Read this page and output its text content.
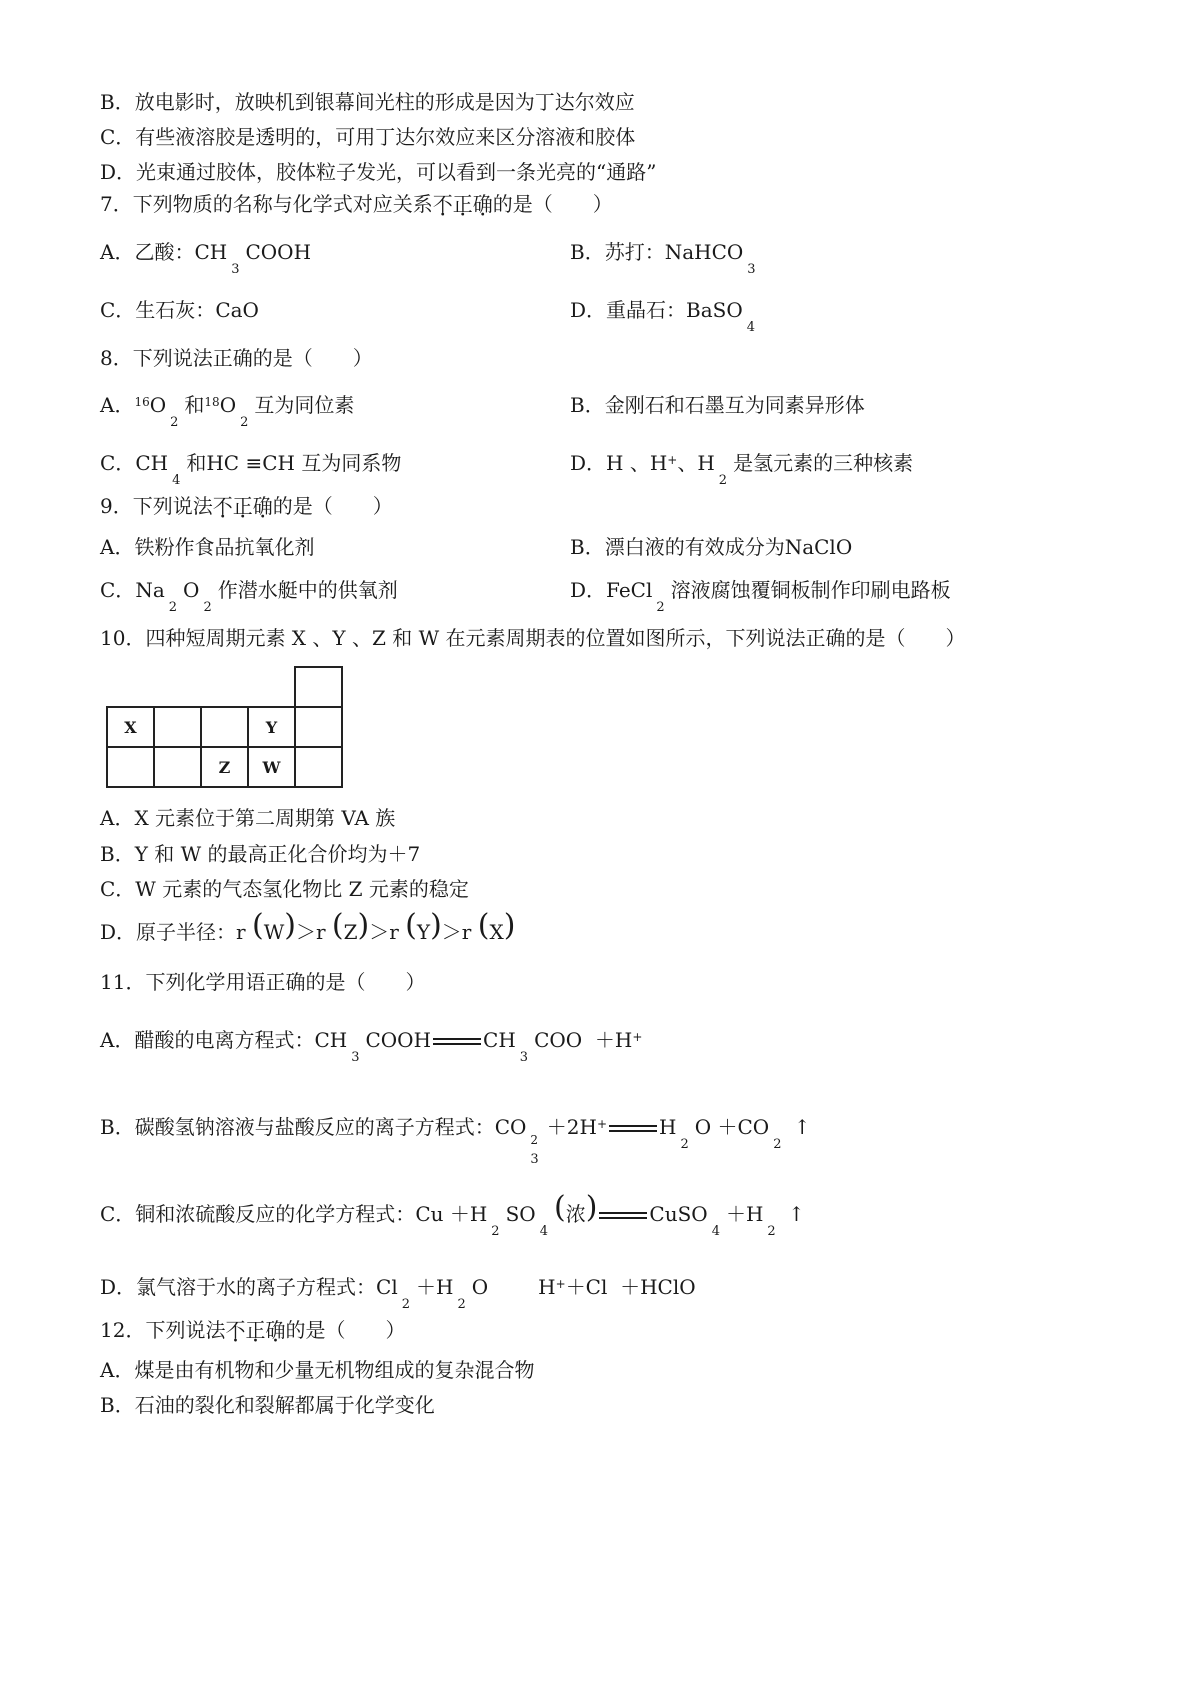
B．放电影时，放映机到银幕间光柱的形成是因为丁达尔效应
C．有些液溶胶是透明的，可用丁达尔效应来区分溶液和胶体
D．光束通过胶体，胶体粒子发光，可以看到一条光亮的“通路”
7．下列物质的名称与化学式对应关系不正确的是（　　）
A．乙酸：$CH_3COOH$	B．苏打：NaHCO$_3$
C．生石灰：CaO	D．重晶石：BaSO$_4$
8．下列说法正确的是（　　）
A．$^{16}O_2$和$^{18}O_2$互为同位素	B．金刚石和石墨互为同素异形体
C．$CH_4$和HC ≡CH 互为同系物	D．H 、H+、$H_2$是氢元素的三种核素
9．下列说法不正确的是（　　）
A．铁粉作食品抗氧化剂	B．漂白液的有效成分为NaClO
C．$Na_2O_2$作潜水艇中的供氧剂	D．FeCl$_2$溶液腐蚀覆铜板制作印刷电路板
10．四种短周期元素 X 、Y 、Z 和 W 在元素周期表的位置如图所示，下列说法正确的是（　　）

X			Y	
		Z	W	
A．X 元素位于第二周期第 VA 族
B．Y 和 W 的最高正化合价均为＋7
C．W 元素的气态氢化物比 Z 元素的稳定
D．原子半径：r (W)＞r (Z)＞r (Y)＞r (X)
11．下列化学用语正确的是（　　）
A．醋酸的电离方程式：$CH_3COOH$	$CH_3COO +H^+$
B．碳酸氢钠溶液与盐酸反应的离子方程式：CO
2
3
＋2H+	$H_2O +CO_2$ ↑
C．铜和浓硫酸反应的化学方程式：$Cu +H_2SO_4$(浓)	$CuSO_4+H_2$ ↑
D．氯气溶于水的离子方程式：$Cl_2+H_2O$	H+＋Cl ＋HClO
12．下列说法不正确的是（　　）
A．煤是由有机物和少量无机物组成的复杂混合物
B．石油的裂化和裂解都属于化学变化
